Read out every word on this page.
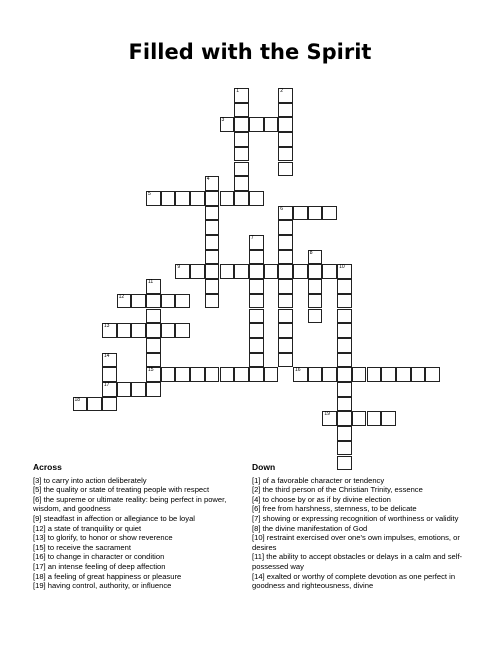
Filled with the Spirit
1	2
3
4
5
6
7
8
9	10
11
15
12
13
14
17
16
18
19
Across
[3] to carry into action deliberately
[5] the quality or state of treating people with respect
[6] the supreme or ultimate reality: being perfect in power, wisdom, and goodness
[9] steadfast in affection or allegiance to be loyal
[12] a state of tranquility or quiet
[13] to glorify, to honor or show reverence
[15] to receive the sacrament
[16] to change in character or condition
[17] an intense feeling of deep affection
[18] a feeling of great happiness or pleasure
[19] having control, authority, or influence
Down
[1] of a favorable character or tendency
[2] the third person of the Christian Trinity, essence
[4] to choose by or as if by divine election
[6] free from harshness, sternness, to be delicate
[7] showing or expressing recognition of worthiness or validity
[8] the divine manifestation of God
[10] restraint exercised over one's own impulses, emotions, or desires
[11] the ability to accept obstacles or delays in a calm and self-possessed way
[14] exalted or worthy of complete devotion as one perfect in goodness and righteousness, divine
